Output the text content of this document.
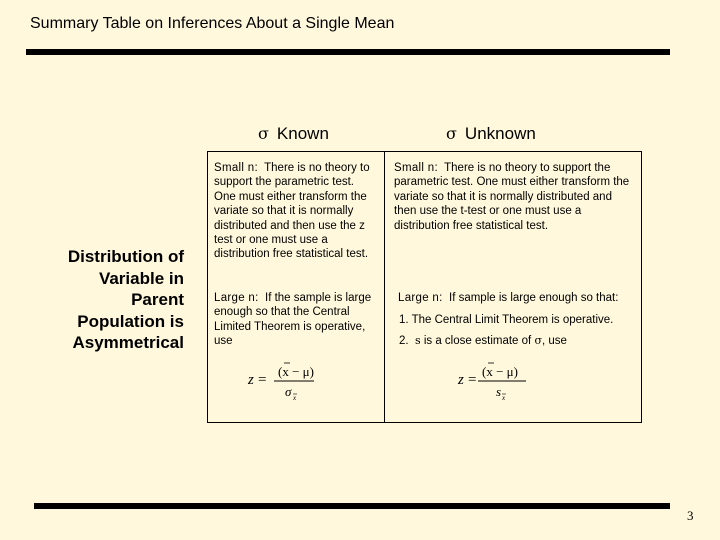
Summary Table on Inferences About a Single Mean
σ Known	σ Unknown
Distribution of
Variable in
Parent
Population is
Asymmetrical
Small n: There is no theory to support the parametric test. One must either transform the variate so that it is normally distributed and then use the z test or one must use a distribution free statistical test.
Large n: If the sample is large enough so that the Central Limited Theorem is operative, use
z =
(x − μ)
σ x
Small n: There is no theory to support the parametric test. One must either transform the variate so that it is normally distributed and then use the t-test or one must use a distribution free statistical test.
Large n: If sample is large enough so that:
1. The Central Limit Theorem is operative.
2. s is a close estimate of σ, use
z =
(x − μ)
s x
3
